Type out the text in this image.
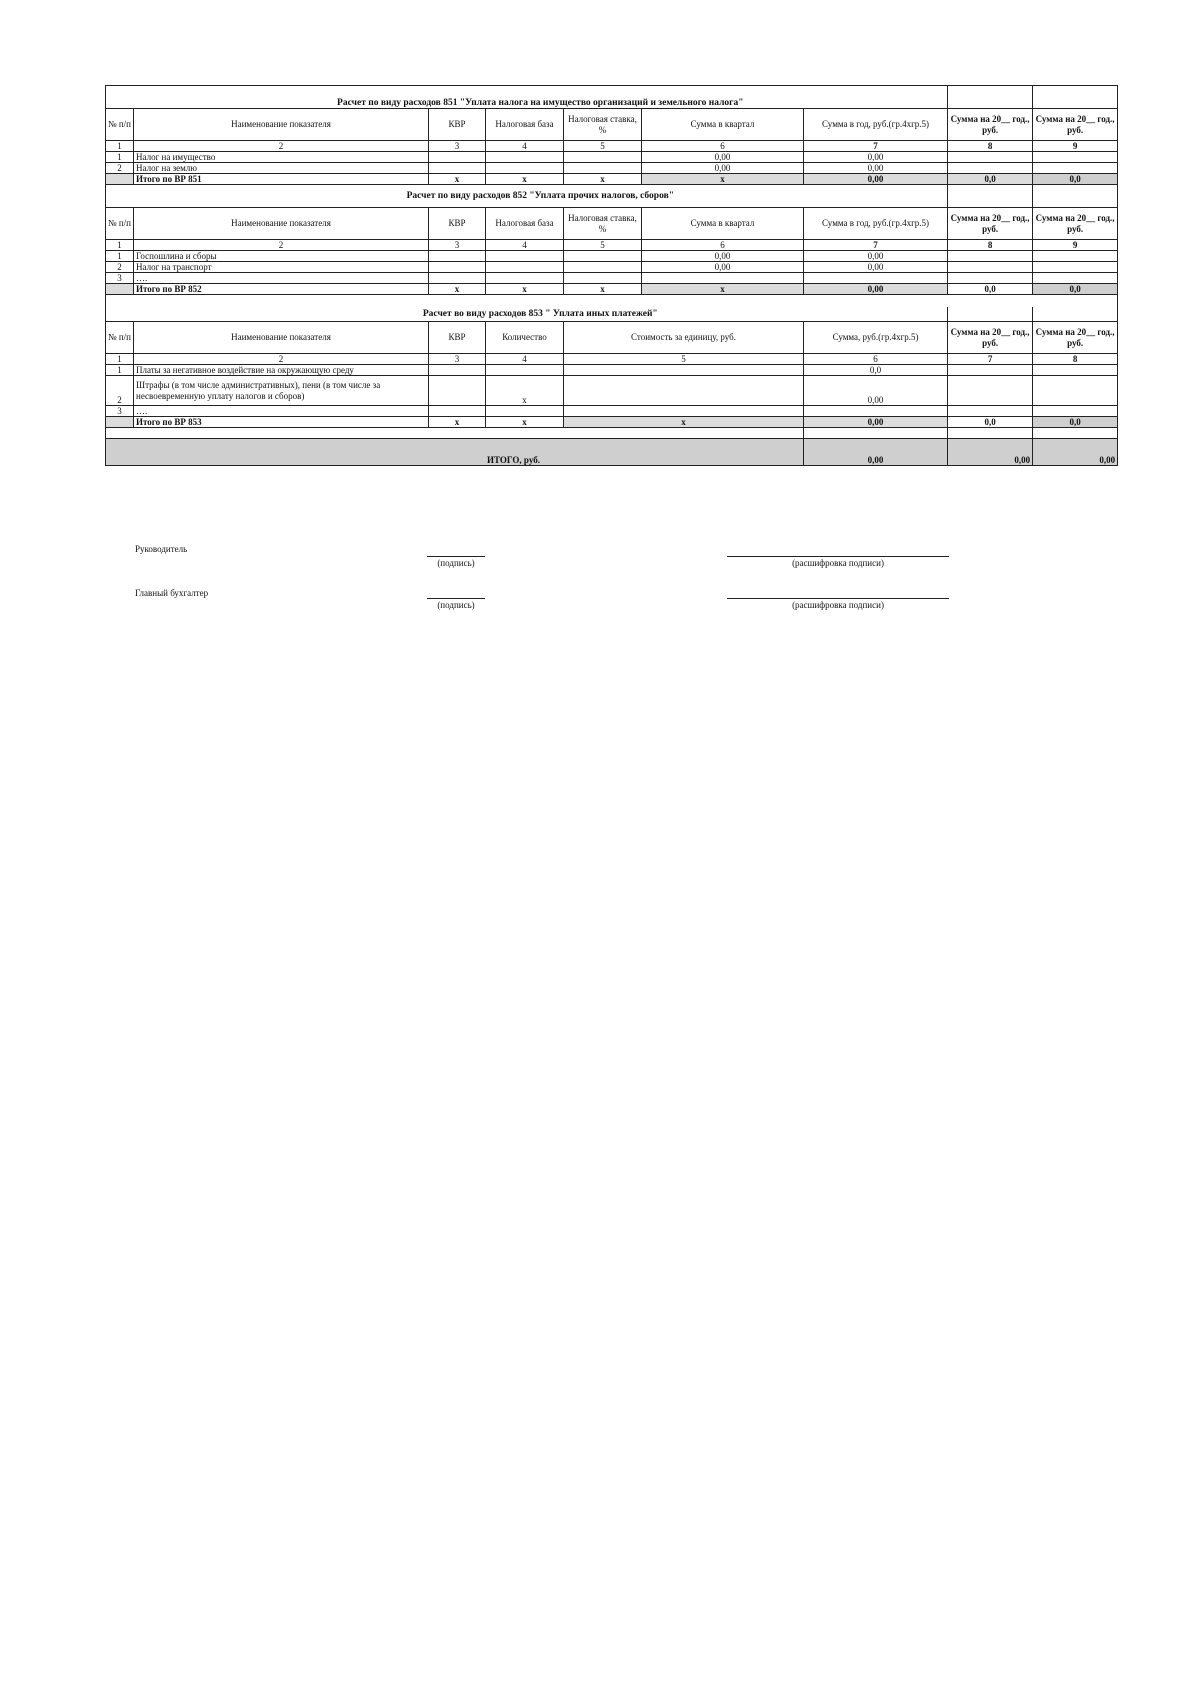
	Расчет по виду расходов 851 "Уплата налога на имущество организаций и земельного налога"							
№ п/п	Наименование показателя	КВР	Налоговая база	Налоговая ставка, %	Сумма в квартал	Сумма в год, руб.(гр.4хгр.5)	Сумма на 20__ год., руб.	Сумма на 20__ год., руб.
1	2	3	4	5	6	7	8	9
1	Налог на имущество				0,00	0,00		
2	Налог на землю				0,00	0,00		
	Итого по ВР 851	x	x	x	x	0,00	0,0	0,0
	Расчет по виду расходов 852 "Уплата прочих налогов, сборов"							
№ п/п	Наименование показателя	КВР	Налоговая база	Налоговая ставка, %	Сумма в квартал	Сумма в год, руб.(гр.4хгр.5)	Сумма на 20__ год., руб.	Сумма на 20__ год., руб.
1	2	3	4	5	6	7	8	9
1	Госпошлина и сборы				0,00	0,00		
2	Налог на транспорт				0,00	0,00		
3	….							
	Итого по ВР 852	x	x	x	x	0,00	0,0	0,0

	Расчет во виду расходов 853 " Уплата иных платежей"							
№ п/п	Наименование показателя	КВР	Количество	Стоимость за единицу, руб.		Сумма, руб.(гр.4хгр.5)	Сумма на 20__ год., руб.	Сумма на 20__ год., руб.
1	2	3	4	5		6	7	8
1	Платы за негативное воздействие на окружающую среду					0,0		
2	Штрафы (в том числе административных), пени (в том числе за несвоевременную уплату налогов и сборов)		x			0,00		
3	….							
	Итого по ВР 853	x	x	x		0,00	0,0	0,0

ИТОГО, руб.						0,00	0,00	0,00
Руководитель
(подпись)	(расшифровка подписи)
Главный бухгалтер
(подпись)	(расшифровка подписи)
